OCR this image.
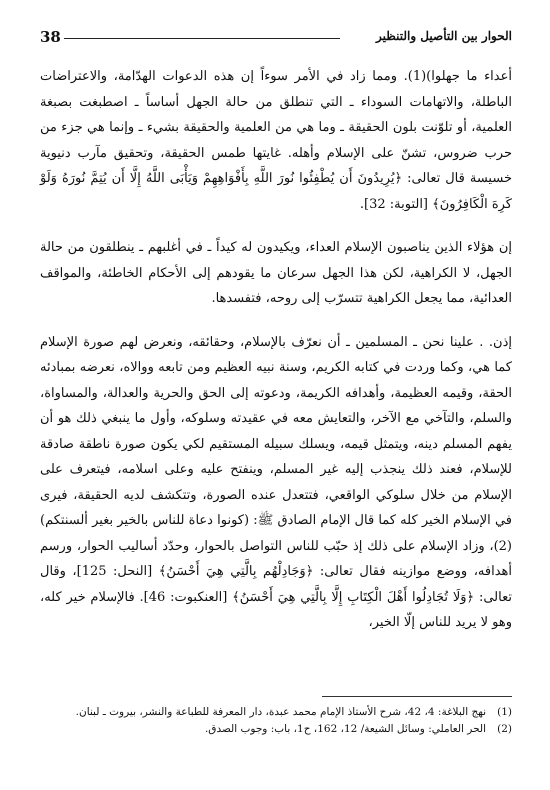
38	الحوار بين التأصيل والتنظير

أعداء ما جهلوا)(1). ومما زاد في الأمر سوءاً إن هذه الدعوات الهدّامة، والاعتراضات الباطلة، والاتهامات السوداء ـ التي تنطلق من حالة الجهل أساساً ـ اصطبغت بصبغة العلمية، أو تلوّنت بلون الحقيقة ـ وما هي من العلمية والحقيقة بشيء ـ وإنما هي جزء من حرب ضروس، تشنّ على الإسلام وأهله. غايتها طمس الحقيقة، وتحقيق مآرب دنيوية خسيسة قال تعالى: ﴿يُرِيدُونَ أَن يُطْفِئُوا نُورَ اللَّهِ بِأَفْوَاهِهِمْ وَيَأْبَى اللَّهُ إِلَّا أَن يُتِمَّ نُورَهُ وَلَوْ كَرِهَ الْكَافِرُونَ﴾ [التوبة: 32].

إن هؤلاء الذين يناصبون الإسلام العداء، ويكيدون له كيداً ـ في أغلبهم ـ ينطلقون من حالة الجهل، لا الكراهية، لكن هذا الجهل سرعان ما يقودهم إلى الأحكام الخاطئة، والمواقف العدائية، مما يجعل الكراهية تتسرّب إلى روحه، فتفسدها.

إذن. . علينا نحن ـ المسلمين ـ أن نعرّف بالإسلام، وحقائقه، ونعرض لهم صورة الإسلام كما هي، وكما وردت في كتابه الكريم، وسنة نبيه العظيم ومن تابعه ووالاه، نعرضه بمبادئه الحقة، وقيمه العظيمة، وأهدافه الكريمة، ودعوته إلى الحق والحرية والعدالة، والمساواة، والسلم، والتآخي مع الآخر، والتعايش معه في عقيدته وسلوكه، وأول ما ينبغي ذلك هو أن يفهم المسلم دينه، ويتمثل قيمه، ويسلك سبيله المستقيم لكي يكون صورة ناطقة صادقة للإسلام، فعند ذلك ينجذب إليه غير المسلم، وينفتح عليه وعلى اسلامه، فيتعرف على الإسلام من خلال سلوكي الواقعي، فتتعدل عنده الصورة، وتتكشف لديه الحقيقة، فيرى في الإسلام الخير كله كما قال الإمام الصادق ﷺ: (كونوا دعاة للناس بالخير بغير ألسنتكم)(2)، وزاد الإسلام على ذلك إذ حبّب للناس التواصل بالحوار، وحدّد أساليب الحوار، ورسم أهدافه، ووضع موازينه فقال تعالى: ﴿وَجَادِلْهُم بِالَّتِي هِيَ أَحْسَنُ﴾ [النحل: 125]، وقال تعالى: ﴿وَلَا تُجَادِلُوا أَهْلَ الْكِتَابِ إِلَّا بِالَّتِي هِيَ أَحْسَنُ﴾ [العنكبوت: 46]. فالإسلام خير كله، وهو لا يريد للناس إلّا الخير،

(1)
نهج البلاغة: 4، 42، شرح الأستاذ الإمام محمد عبدة، دار المعرفة للطباعة والنشر، بيروت ـ لبنان.
(2)
الحر العاملي: وسائل الشيعة/ 12، 162، ح1، باب: وجوب الصدق.
